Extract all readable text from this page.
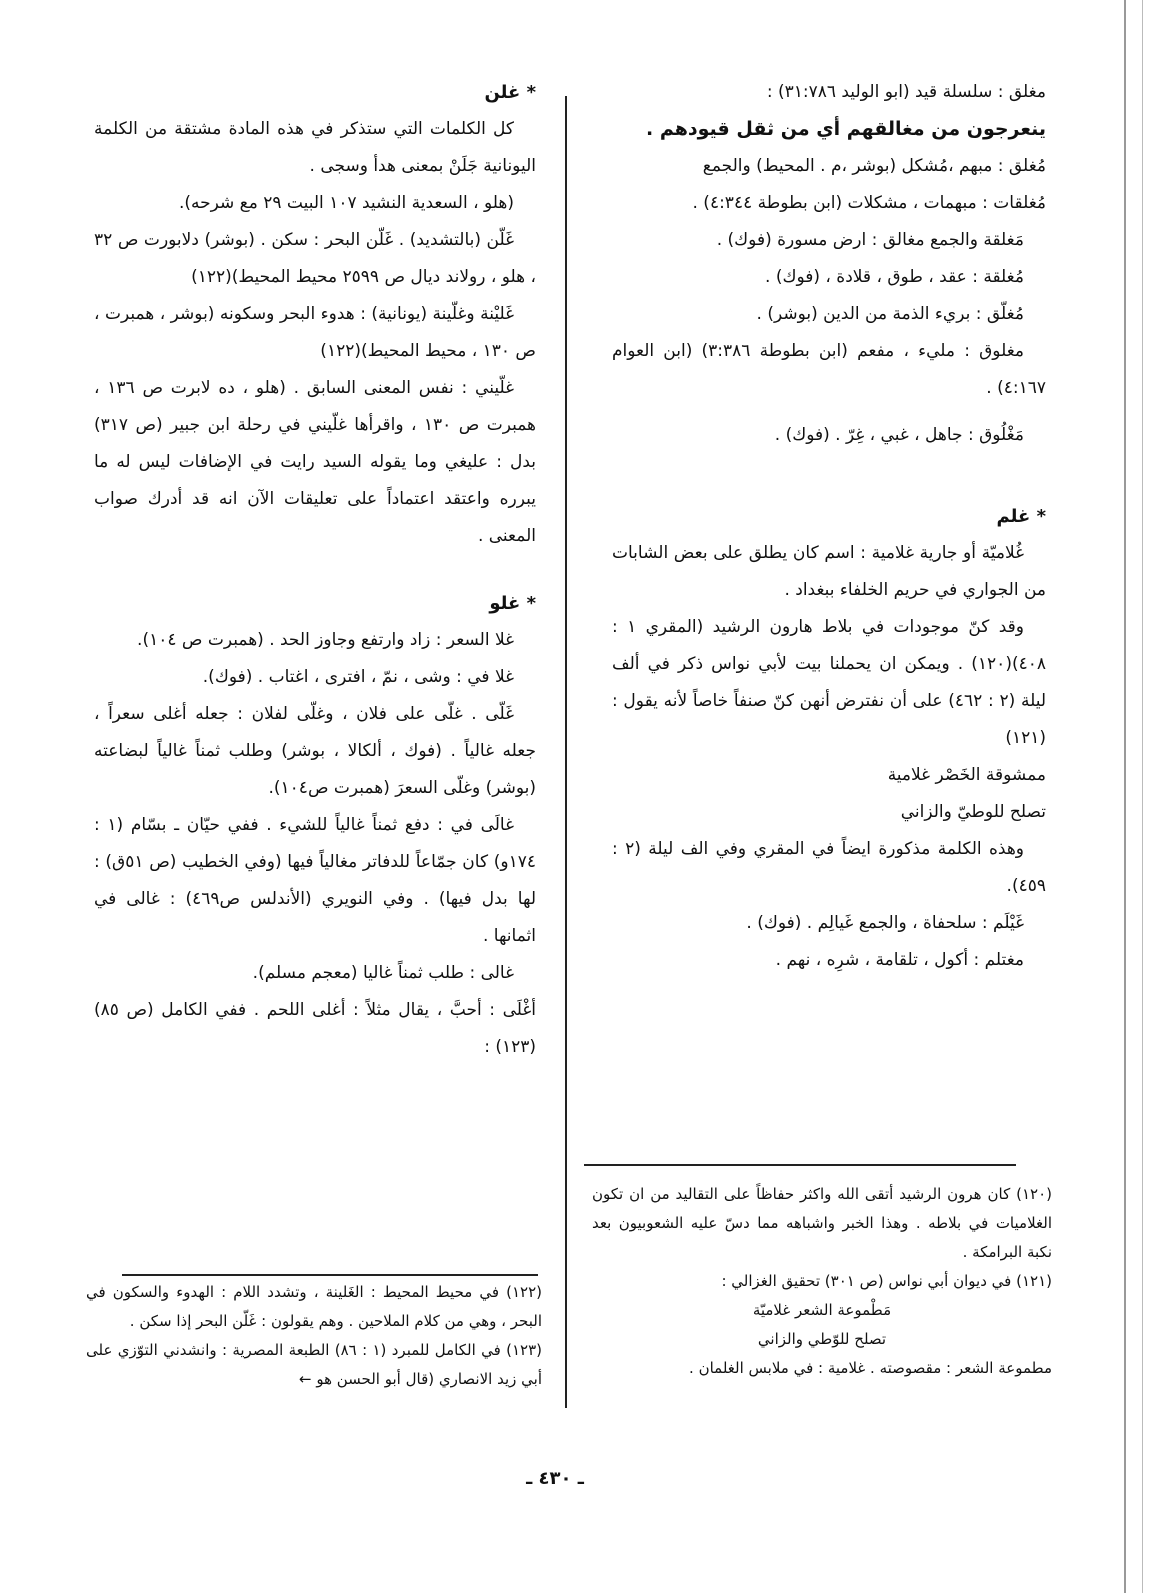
مغلق : سلسلة قيد (ابو الوليد ٣١:٧٨٦) :

ينعرجون من مغالقهم أي من ثقل قيودهم .

مُغلق : مبهم ،مُشكل (بوشر ،م . المحيط) والجمع

مُغلقات : مبهمات ، مشكلات (ابن بطوطة ٤:٣٤٤) .

مَغلقة والجمع مغالق : ارض مسورة (فوك) .

مُغلقة : عقد ، طوق ، قلادة ، (فوك) .

مُغلّق : بريء الذمة من الدين (بوشر) .

مغلوق : مليء ، مفعم (ابن بطوطة ٣:٣٨٦) (ابن العوام ٤:١٦٧) .

مَغْلُوق : جاهل ، غبي ، غِرّ . (فوك) .

* غلم

غُلاميّة أو جارية غلامية : اسم كان يطلق على بعض الشابات من الجواري في حريم الخلفاء ببغداد .

وقد كنّ موجودات في بلاط هارون الرشيد (المقري ١ : ٤٠٨)(١٢٠) . ويمكن ان يحملنا بيت لأبي نواس ذكر في ألف ليلة (٢ : ٤٦٢) على أن نفترض أنهن كنّ صنفاً خاصاً لأنه يقول :(١٢١)

ممشوقة الخَصْر غلامية

تصلح للوطيّ والزاني

وهذه الكلمة مذكورة ايضاً في المقري وفي الف ليلة (٢ : ٤٥٩).

غَيْلَم : سلحفاة ، والجمع غَيالِم . (فوك) .

مغتلم : أكول ، تلقامة ، شرِه ، نهم .

* غلن

كل الكلمات التي ستذكر في هذه المادة مشتقة من الكلمة اليونانية جَلَنْ بمعنى هدأ وسجى .

(هلو ، السعدية النشيد ١٠٧ البيت ٢٩ مع شرحه).

غَلّن (بالتشديد) . غَلّن البحر : سكن . (بوشر) دلابورت ص ٣٢ ، هلو ، رولاند ديال ص ٢٥٩٩ محيط المحيط)(١٢٢)

غَليْنة وغلّينة (يونانية) : هدوء البحر وسكونه (بوشر ، همبرت ، ص ١٣٠ ، محيط المحيط)(١٢٢)

غلّيني : نفس المعنى السابق . (هلو ، ده لابرت ص ١٣٦ ، همبرت ص ١٣٠ ، واقرأها غلّيني في رحلة ابن جبير (ص ٣١٧) بدل : عليغي وما يقوله السيد رايت في الإضافات ليس له ما يبرره واعتقد اعتماداً على تعليقات الآن انه قد أدرك صواب المعنى .

* غلو

غلا السعر : زاد وارتفع وجاوز الحد . (همبرت ص ١٠٤).

غلا في : وشى ، نمّ ، افترى ، اغتاب . (فوك).

غَلّى . غلّى على فلان ، وغلّى لفلان : جعله أغلى سعراً ، جعله غالياً . (فوك ، ألكالا ، بوشر) وطلب ثمناً غالياً لبضاعته (بوشر) وغلّى السعرَ (همبرت ص١٠٤).

غالَى في : دفع ثمناً غالياً للشيء . ففي حيّان ـ بسّام (١ : ١٧٤و) كان جمّاعاً للدفاتر مغالياً فيها (وفي الخطيب (ص ٥١ق) : لها بدل فيها) . وفي النويري (الأندلس ص٤٦٩) : غالى في اثمانها .

غالى : طلب ثمناً غاليا (معجم مسلم).

أغْلَى : أحبَّ ، يقال مثلاً : أغلى اللحم . ففي الكامل (ص ٨٥)(١٢٣) :

(١٢٠) كان هرون الرشيد أتقى الله واكثر حفاظاً على التقاليد من ان تكون الغلاميات في بلاطه . وهذا الخبر واشباهه مما دسّ عليه الشعوبيون بعد نكبة البرامكة .

(١٢١) في ديوان أبي نواس (ص ٣٠١) تحقيق الغزالي :

مَطْموعة الشعر غلاميّة

تصلح للوّطي والزاني

مطموعة الشعر : مقصوصته . غلامية : في ملابس الغلمان .

(١٢٢) في محيط المحيط : الغَلينة ، وتشدد اللام : الهدوء والسكون في البحر ، وهي من كلام الملاحين . وهم يقولون : غَلّن البحر إذا سكن .

(١٢٣) في الكامل للمبرد (١ : ٨٦) الطبعة المصرية : وانشدني التوّزي على أبي زيد الانصاري (قال أبو الحسن هو ←

ـ ٤٣٠ ـ
